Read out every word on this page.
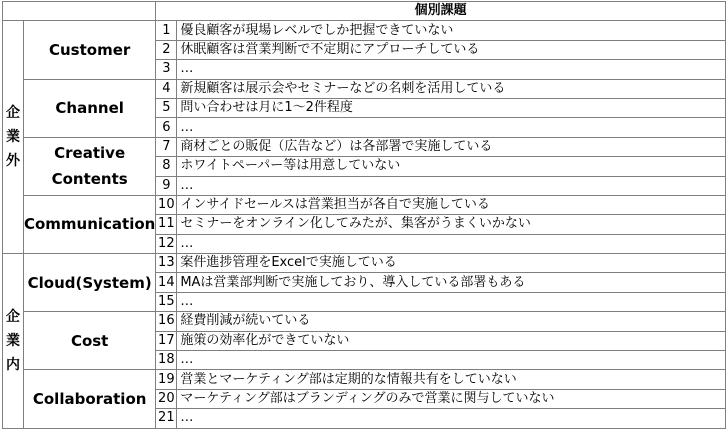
		個別課題	

企
業
外	Customer	1	優良顧客が現場レベルでしか把握できていない
		2	休眠顧客は営業判断で不定期にアプローチしている
		3	…
	Channel	4	新規顧客は展示会やセミナーなどの名刺を活用している
		5	問い合わせは月に1～2件程度
		6	…

	Creative
Contents	7	商材ごとの販促（広告など）は各部署で実施している
		8	ホワイトペーパー等は用意していない
		9	…
	Communication	10	インサイドセールスは営業担当が各自で実施している
		11	セミナーをオンライン化してみたが、集客がうまくいかない
		12	…

企
業
内	Cloud(System)	13	案件進捗管理をExcelで実施している
		14	MAは営業部判断で実施しており、導入している部署もある
		15	…
	Cost	16	経費削減が続いている
		17	施策の効率化ができていない
		18	…
	Collaboration	19	営業とマーケティング部は定期的な情報共有をしていない
		20	マーケティング部はブランディングのみで営業に関与していない
		21	…
